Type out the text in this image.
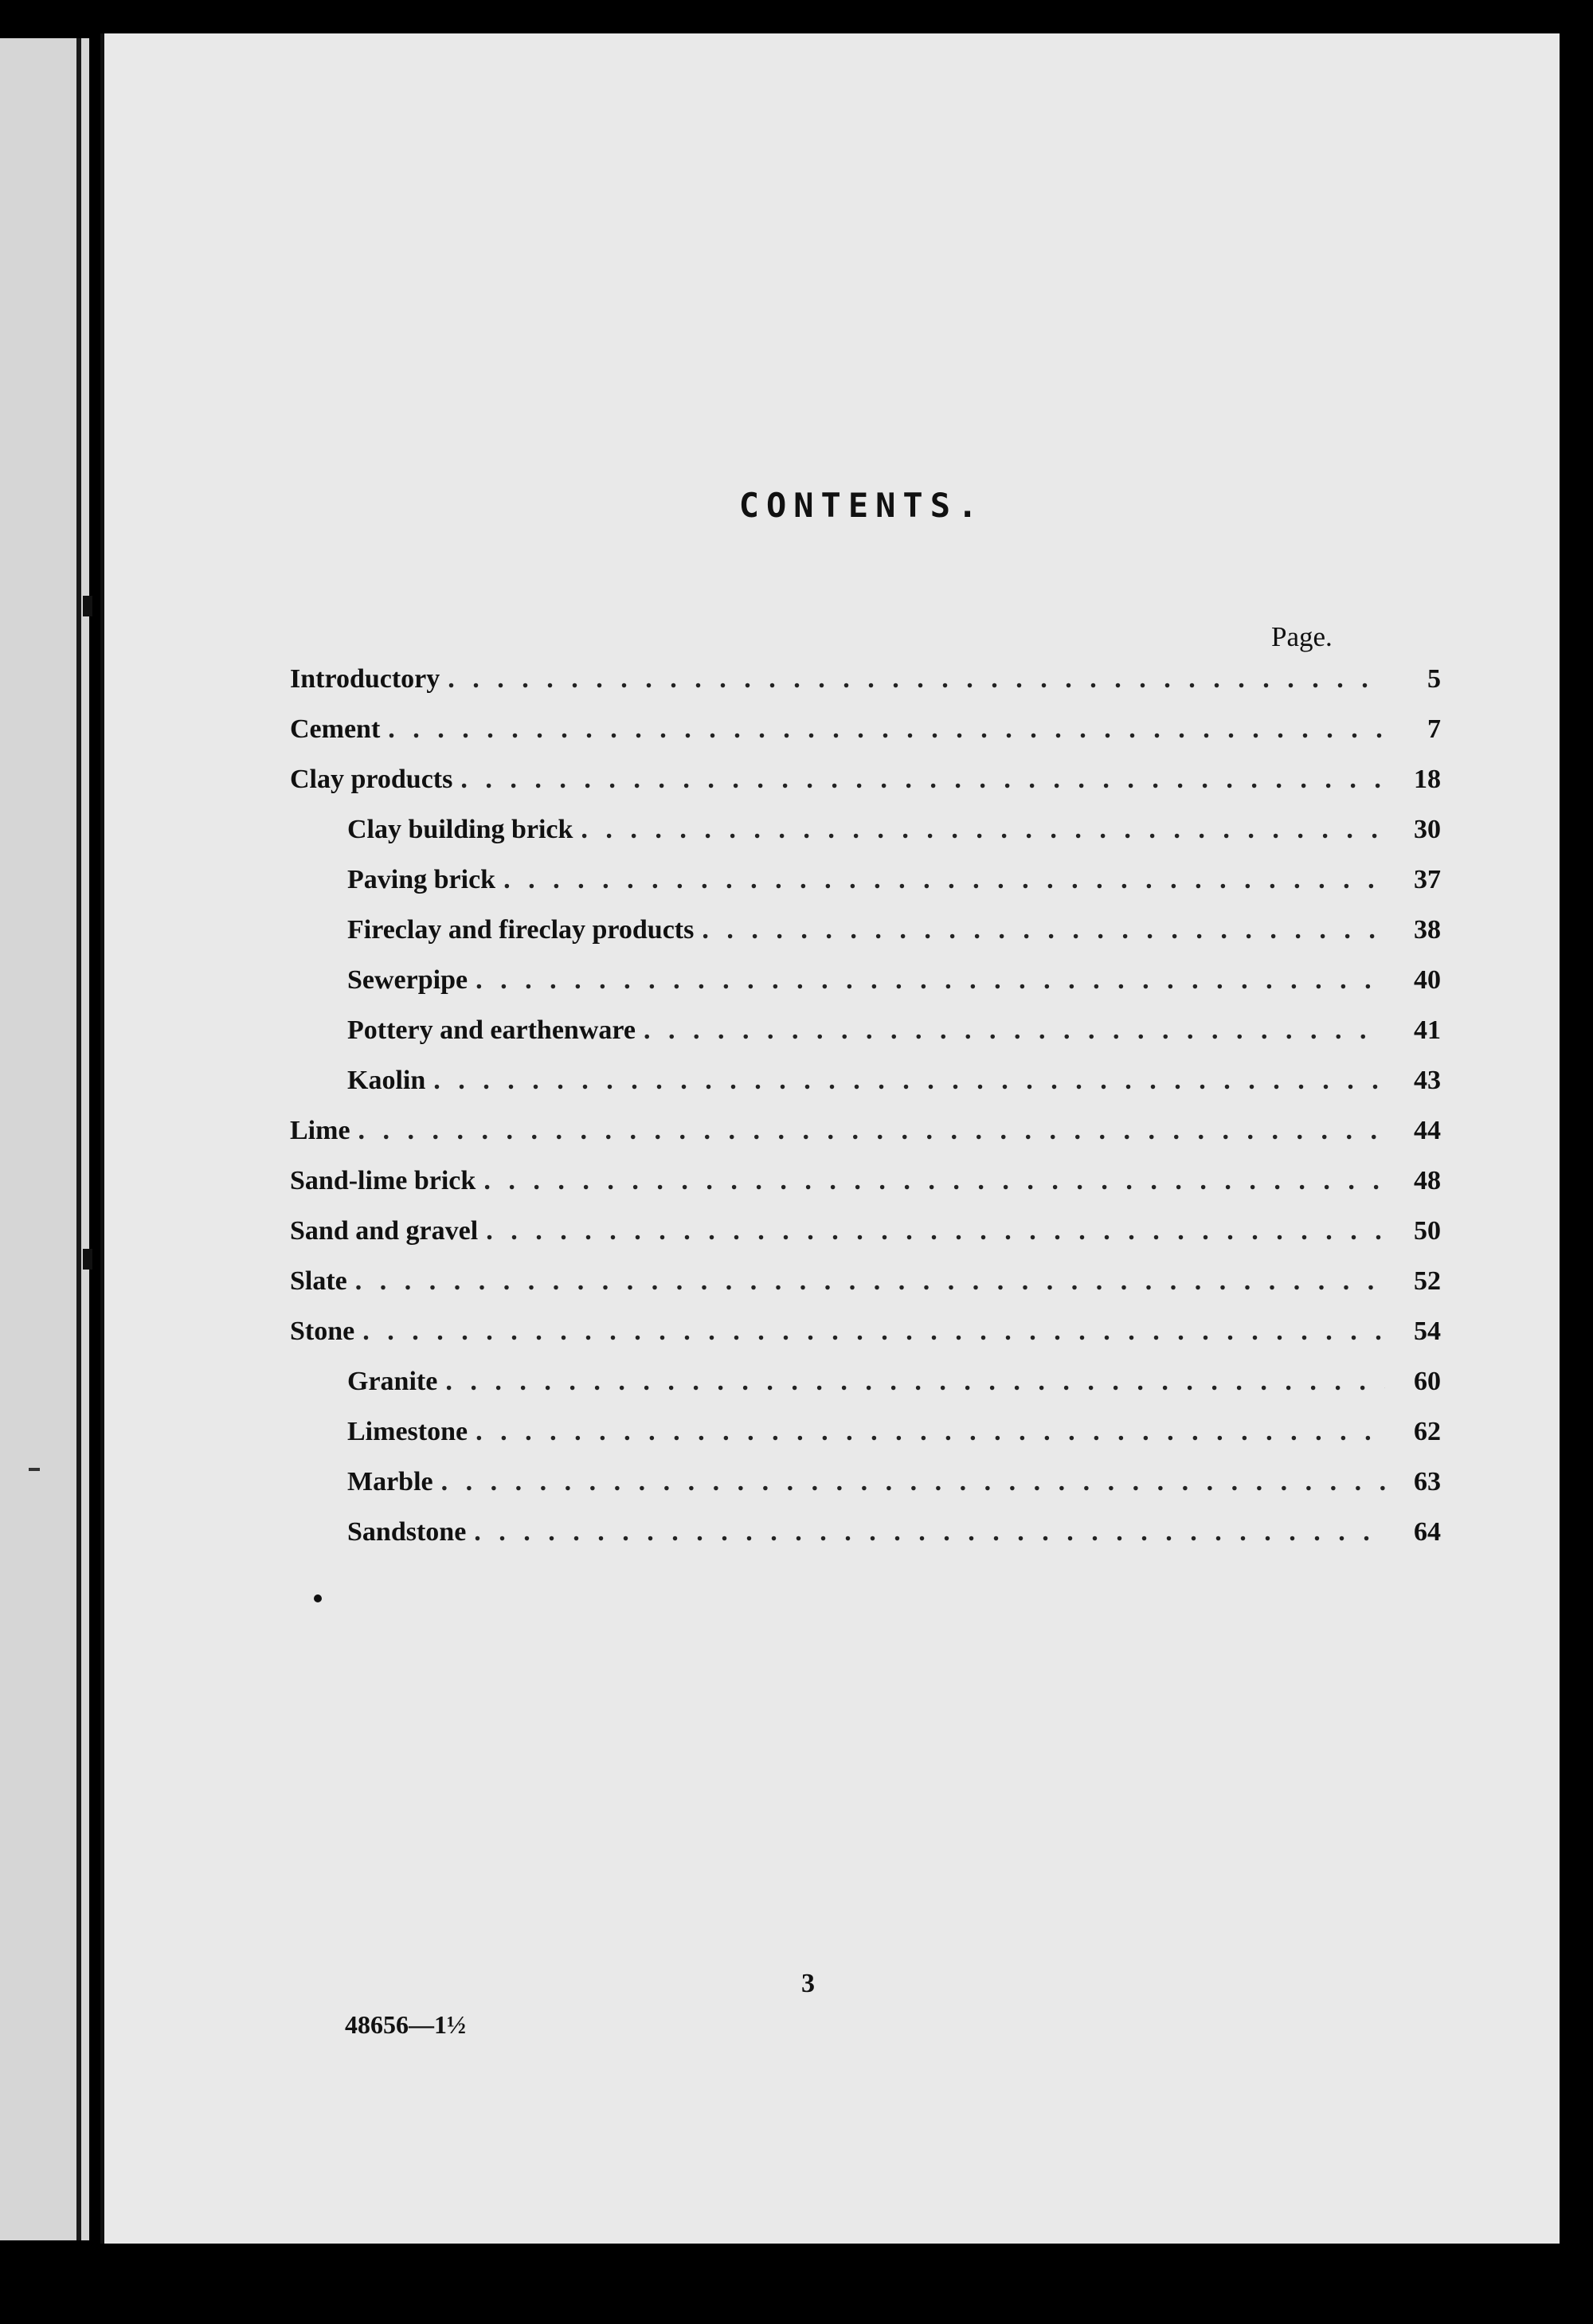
CONTENTS.
Page.
Introductory . . .	5
Cement . . .	7
Clay products . . .	18
Clay building brick . . .	30
Paving brick . . .	37
Fireclay and fireclay products . . .	38
Sewerpipe . . .	40
Pottery and earthenware . . .	41
Kaolin . . .	43
Lime . . .	44
Sand-lime brick . . .	48
Sand and gravel . . .	50
Slate . . .	52
Stone . . .	54
Granite . . .	60
Limestone . . .	62
Marble . . .	63
Sandstone . . .	64
3
48656—1½
